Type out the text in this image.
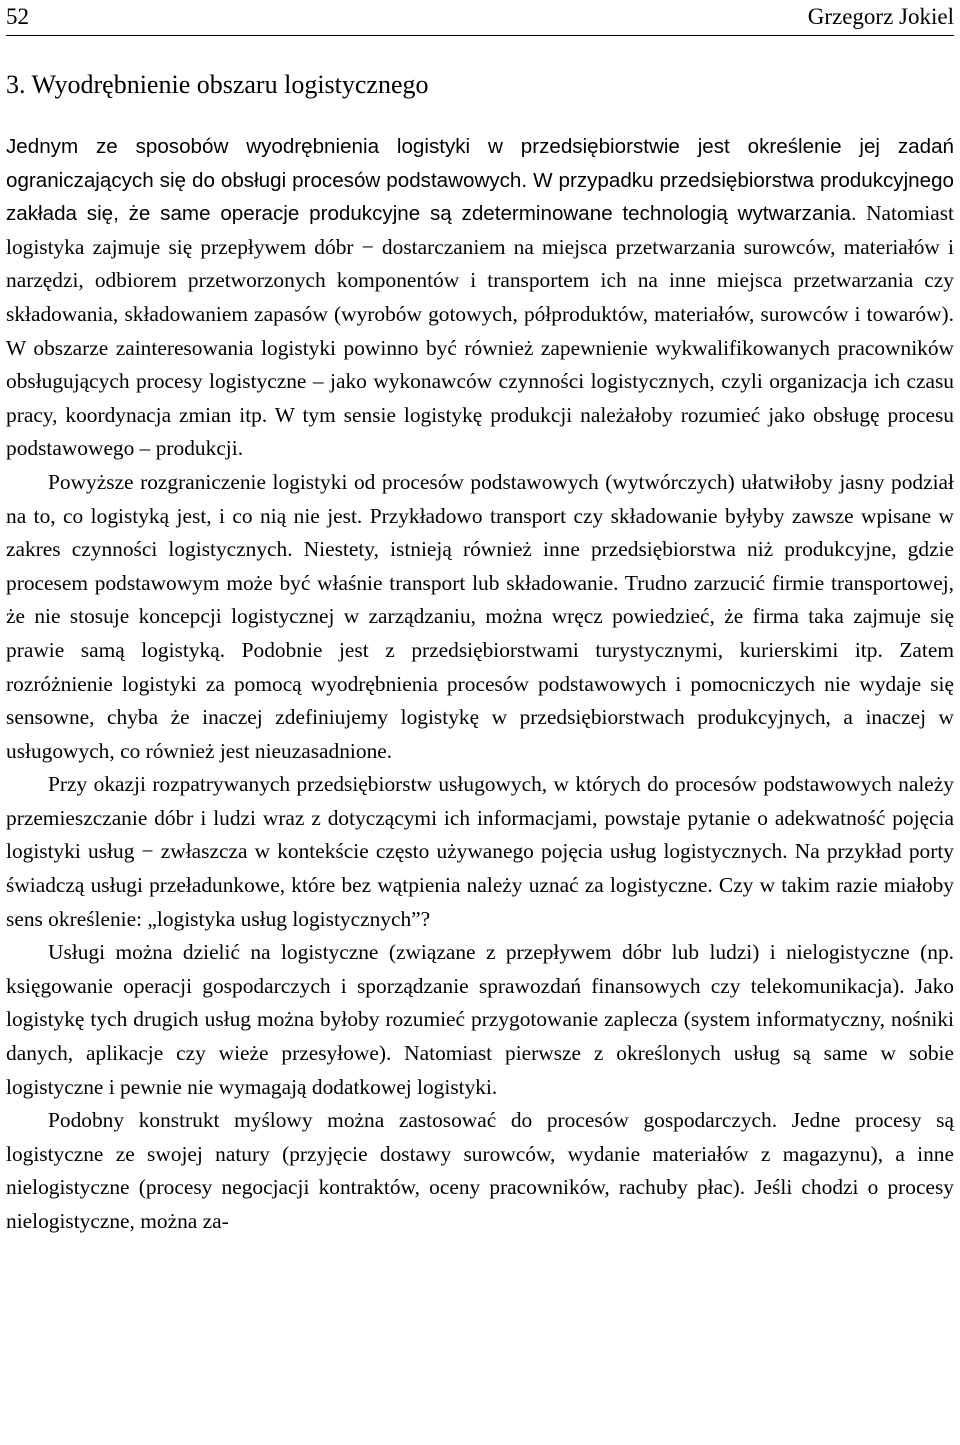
52	Grzegorz Jokiel
3. Wyodrębnienie obszaru logistycznego

Jednym ze sposobów wyodrębnienia logistyki w przedsiębiorstwie jest określenie jej zadań ograniczających się do obsługi procesów podstawowych. W przypadku przedsiębiorstwa produkcyjnego zakłada się, że same operacje produkcyjne są zdeterminowane technologią wytwarzania. Natomiast logistyka zajmuje się przepływem dóbr − dostarczaniem na miejsca przetwarzania surowców, materiałów i narzędzi, odbiorem przetworzonych komponentów i transportem ich na inne miejsca przetwarzania czy składowania, składowaniem zapasów (wyrobów gotowych, półproduktów, materiałów, surowców i towarów). W obszarze zainteresowania logistyki powinno być również zapewnienie wykwalifikowanych pracowników obsługujących procesy logistyczne – jako wykonawców czynności logistycznych, czyli organizacja ich czasu pracy, koordynacja zmian itp. W tym sensie logistykę produkcji należałoby rozumieć jako obsługę procesu podstawowego – produkcji.

Powyższe rozgraniczenie logistyki od procesów podstawowych (wytwórczych) ułatwiłoby jasny podział na to, co logistyką jest, i co nią nie jest. Przykładowo transport czy składowanie byłyby zawsze wpisane w zakres czynności logistycznych. Niestety, istnieją również inne przedsiębiorstwa niż produkcyjne, gdzie procesem podstawowym może być właśnie transport lub składowanie. Trudno zarzucić firmie transportowej, że nie stosuje koncepcji logistycznej w zarządzaniu, można wręcz powiedzieć, że firma taka zajmuje się prawie samą logistyką. Podobnie jest z przedsiębiorstwami turystycznymi, kurierskimi itp. Zatem rozróżnienie logistyki za pomocą wyodrębnienia procesów podstawowych i pomocniczych nie wydaje się sensowne, chyba że inaczej zdefiniujemy logistykę w przedsiębiorstwach produkcyjnych, a inaczej w usługowych, co również jest nieuzasadnione.

Przy okazji rozpatrywanych przedsiębiorstw usługowych, w których do procesów podstawowych należy przemieszczanie dóbr i ludzi wraz z dotyczącymi ich informacjami, powstaje pytanie o adekwatność pojęcia logistyki usług − zwłaszcza w kontekście często używanego pojęcia usług logistycznych. Na przykład porty świadczą usługi przeładunkowe, które bez wątpienia należy uznać za logistyczne. Czy w takim razie miałoby sens określenie: „logistyka usług logistycznych”?

Usługi można dzielić na logistyczne (związane z przepływem dóbr lub ludzi) i nielogistyczne (np. księgowanie operacji gospodarczych i sporządzanie sprawozdań finansowych czy telekomunikacja). Jako logistykę tych drugich usług można byłoby rozumieć przygotowanie zaplecza (system informatyczny, nośniki danych, aplikacje czy wieże przesyłowe). Natomiast pierwsze z określonych usług są same w sobie logistyczne i pewnie nie wymagają dodatkowej logistyki.

Podobny konstrukt myślowy można zastosować do procesów gospodarczych. Jedne procesy są logistyczne ze swojej natury (przyjęcie dostawy surowców, wydanie materiałów z magazynu), a inne nielogistyczne (procesy negocjacji kontraktów, oceny pracowników, rachuby płac). Jeśli chodzi o procesy nielogistyczne, można za-
